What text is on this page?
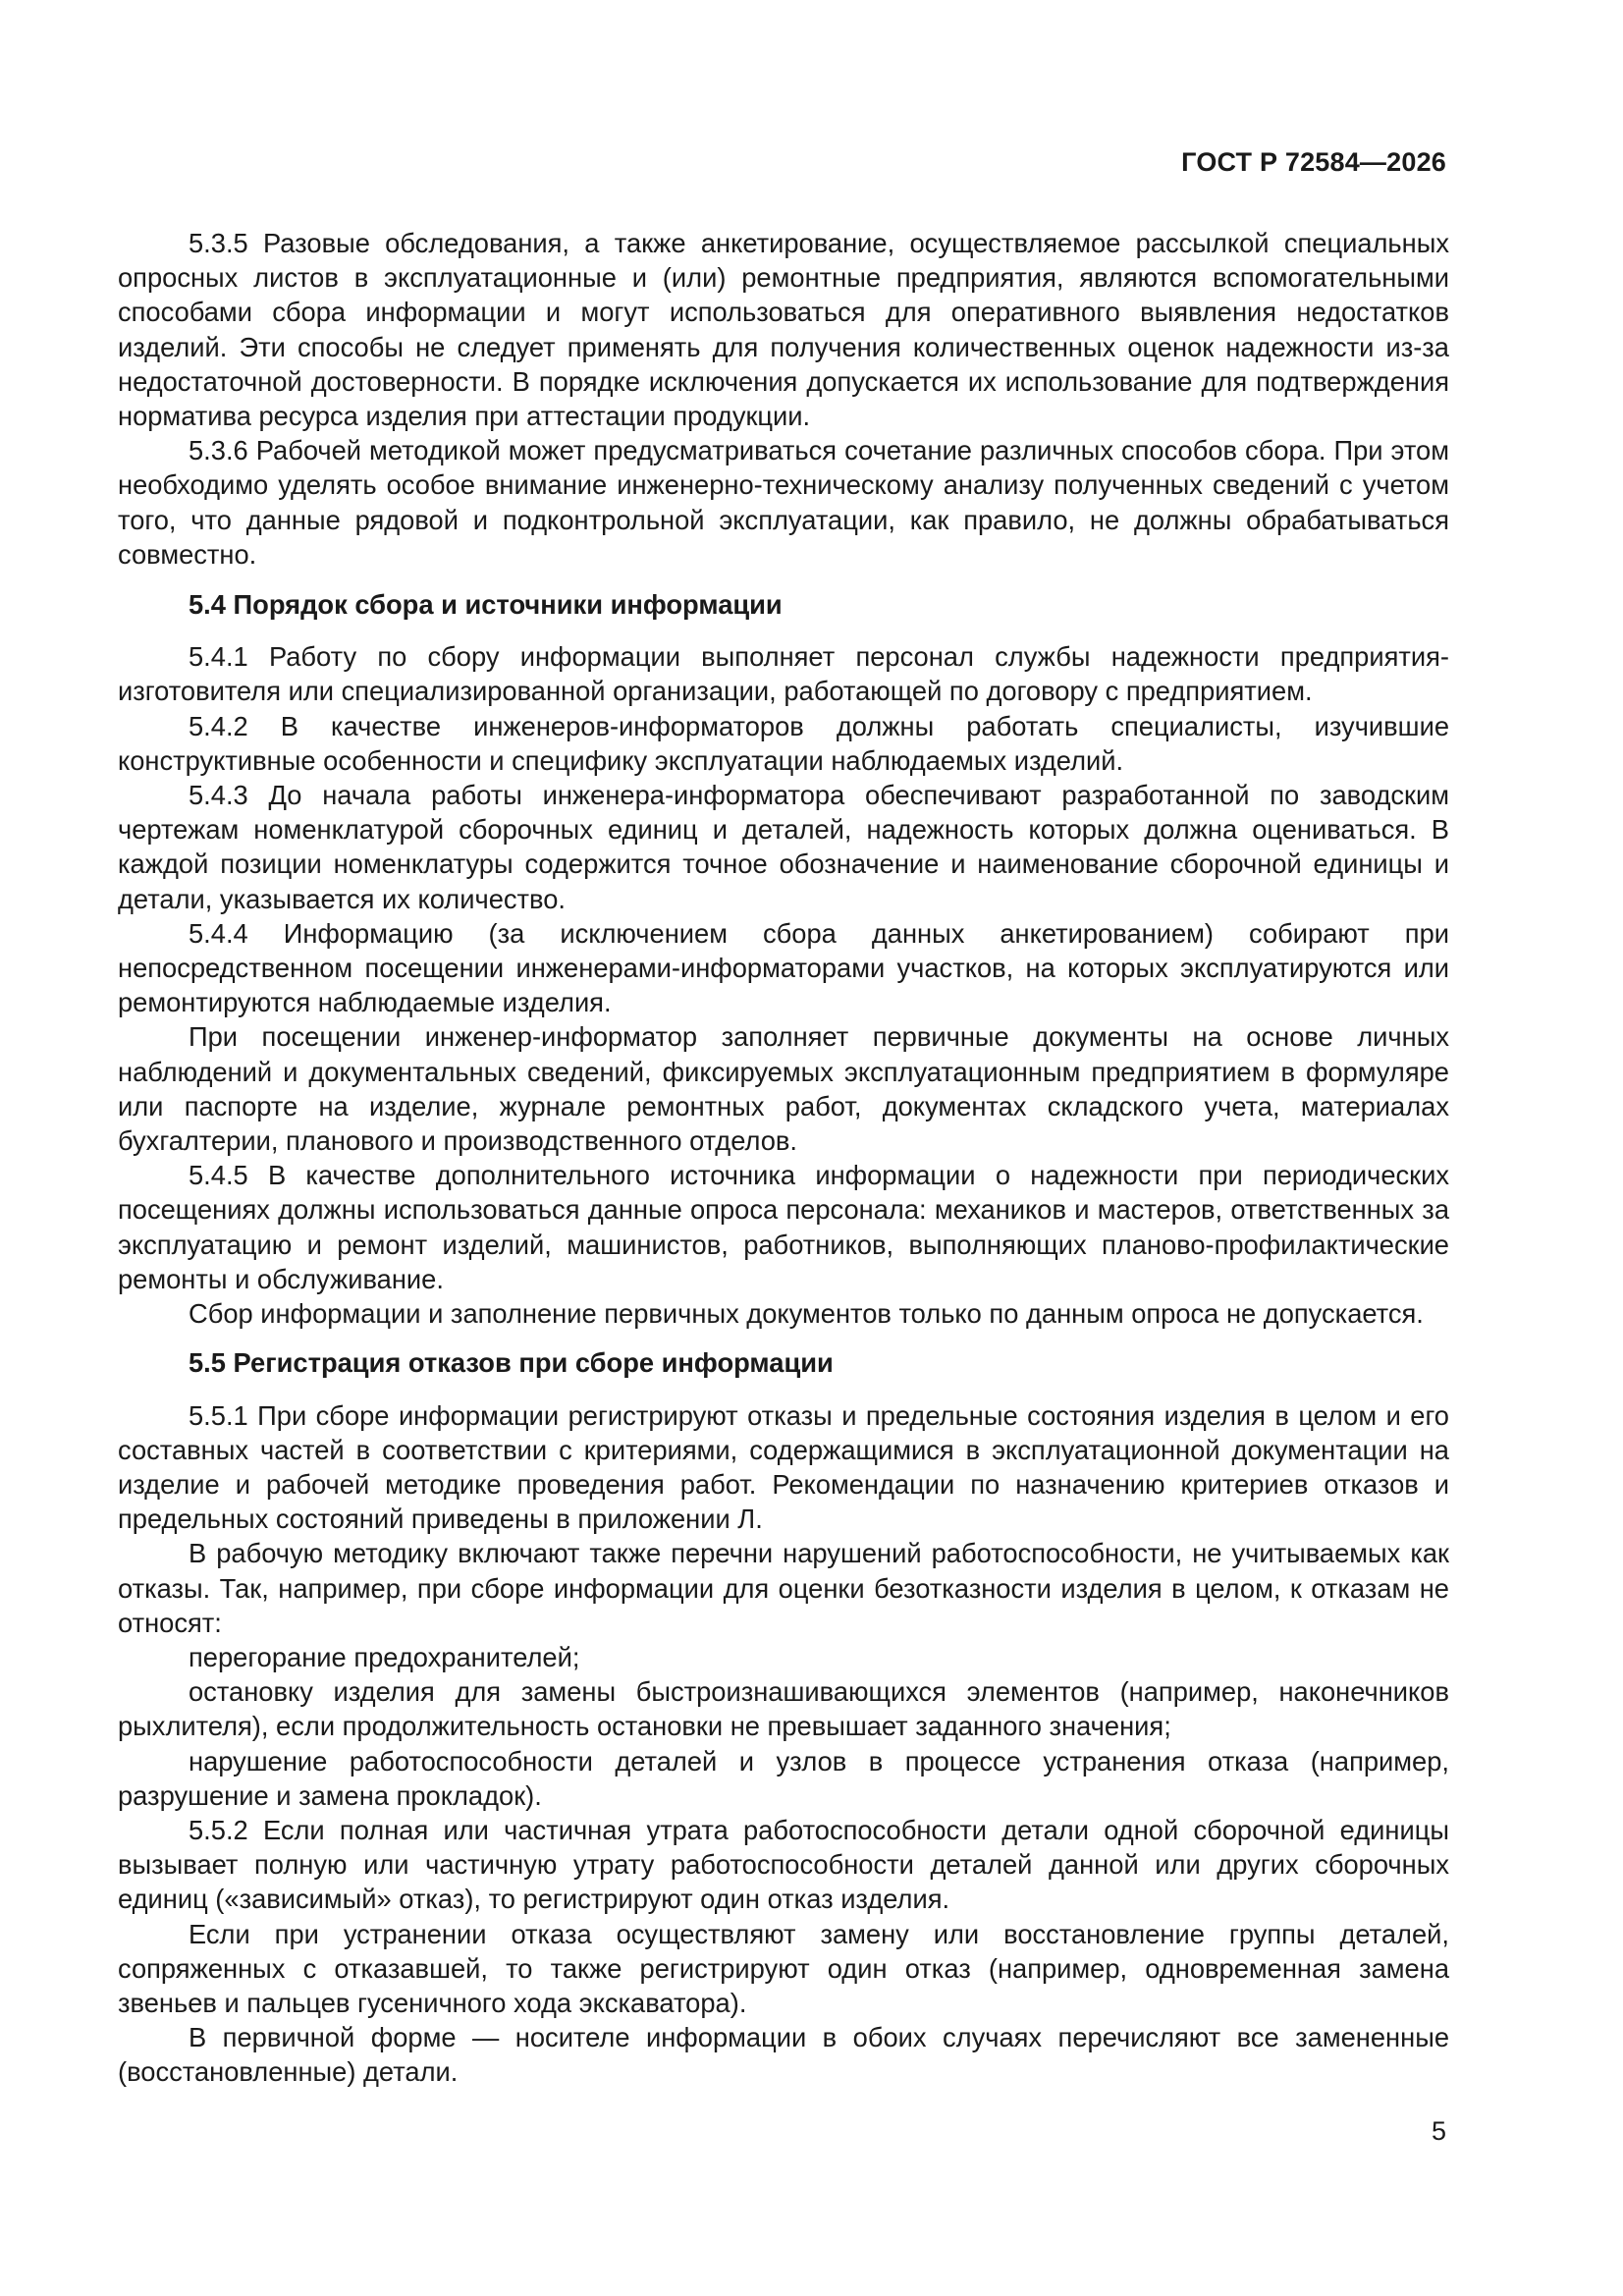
ГОСТ Р 72584—2026

5.3.5 Разовые обследования, а также анкетирование, осуществляемое рассылкой специальных опросных листов в эксплуатационные и (или) ремонтные предприятия, являются вспомогательными способами сбора информации и могут использоваться для оперативного выявления недостатков изделий. Эти способы не следует применять для получения количественных оценок надежности из-за недостаточной достоверности. В порядке исключения допускается их использование для подтверждения норматива ресурса изделия при аттестации продукции.

5.3.6 Рабочей методикой может предусматриваться сочетание различных способов сбора. При этом необходимо уделять особое внимание инженерно-техническому анализу полученных сведений с учетом того, что данные рядовой и подконтрольной эксплуатации, как правило, не должны обрабатываться совместно.

5.4 Порядок сбора и источники информации

5.4.1 Работу по сбору информации выполняет персонал службы надежности предприятия-изготовителя или специализированной организации, работающей по договору с предприятием.

5.4.2 В качестве инженеров-информаторов должны работать специалисты, изучившие конструктивные особенности и специфику эксплуатации наблюдаемых изделий.

5.4.3 До начала работы инженера-информатора обеспечивают разработанной по заводским чертежам номенклатурой сборочных единиц и деталей, надежность которых должна оцениваться. В каждой позиции номенклатуры содержится точное обозначение и наименование сборочной единицы и детали, указывается их количество.

5.4.4 Информацию (за исключением сбора данных анкетированием) собирают при непосредственном посещении инженерами-информаторами участков, на которых эксплуатируются или ремонтируются наблюдаемые изделия.

При посещении инженер-информатор заполняет первичные документы на основе личных наблюдений и документальных сведений, фиксируемых эксплуатационным предприятием в формуляре или паспорте на изделие, журнале ремонтных работ, документах складского учета, материалах бухгалтерии, планового и производственного отделов.

5.4.5 В качестве дополнительного источника информации о надежности при периодических посещениях должны использоваться данные опроса персонала: механиков и мастеров, ответственных за эксплуатацию и ремонт изделий, машинистов, работников, выполняющих планово-профилактические ремонты и обслуживание.

Сбор информации и заполнение первичных документов только по данным опроса не допускается.

5.5 Регистрация отказов при сборе информации

5.5.1 При сборе информации регистрируют отказы и предельные состояния изделия в целом и его составных частей в соответствии с критериями, содержащимися в эксплуатационной документации на изделие и рабочей методике проведения работ. Рекомендации по назначению критериев отказов и предельных состояний приведены в приложении Л.

В рабочую методику включают также перечни нарушений работоспособности, не учитываемых как отказы. Так, например, при сборе информации для оценки безотказности изделия в целом, к отказам не относят:

перегорание предохранителей;

остановку изделия для замены быстроизнашивающихся элементов (например, наконечников рыхлителя), если продолжительность остановки не превышает заданного значения;

нарушение работоспособности деталей и узлов в процессе устранения отказа (например, разрушение и замена прокладок).

5.5.2 Если полная или частичная утрата работоспособности детали одной сборочной единицы вызывает полную или частичную утрату работоспособности деталей данной или других сборочных единиц («зависимый» отказ), то регистрируют один отказ изделия.

Если при устранении отказа осуществляют замену или восстановление группы деталей, сопряженных с отказавшей, то также регистрируют один отказ (например, одновременная замена звеньев и пальцев гусеничного хода экскаватора).

В первичной форме — носителе информации в обоих случаях перечисляют все замененные (восстановленные) детали.

5
